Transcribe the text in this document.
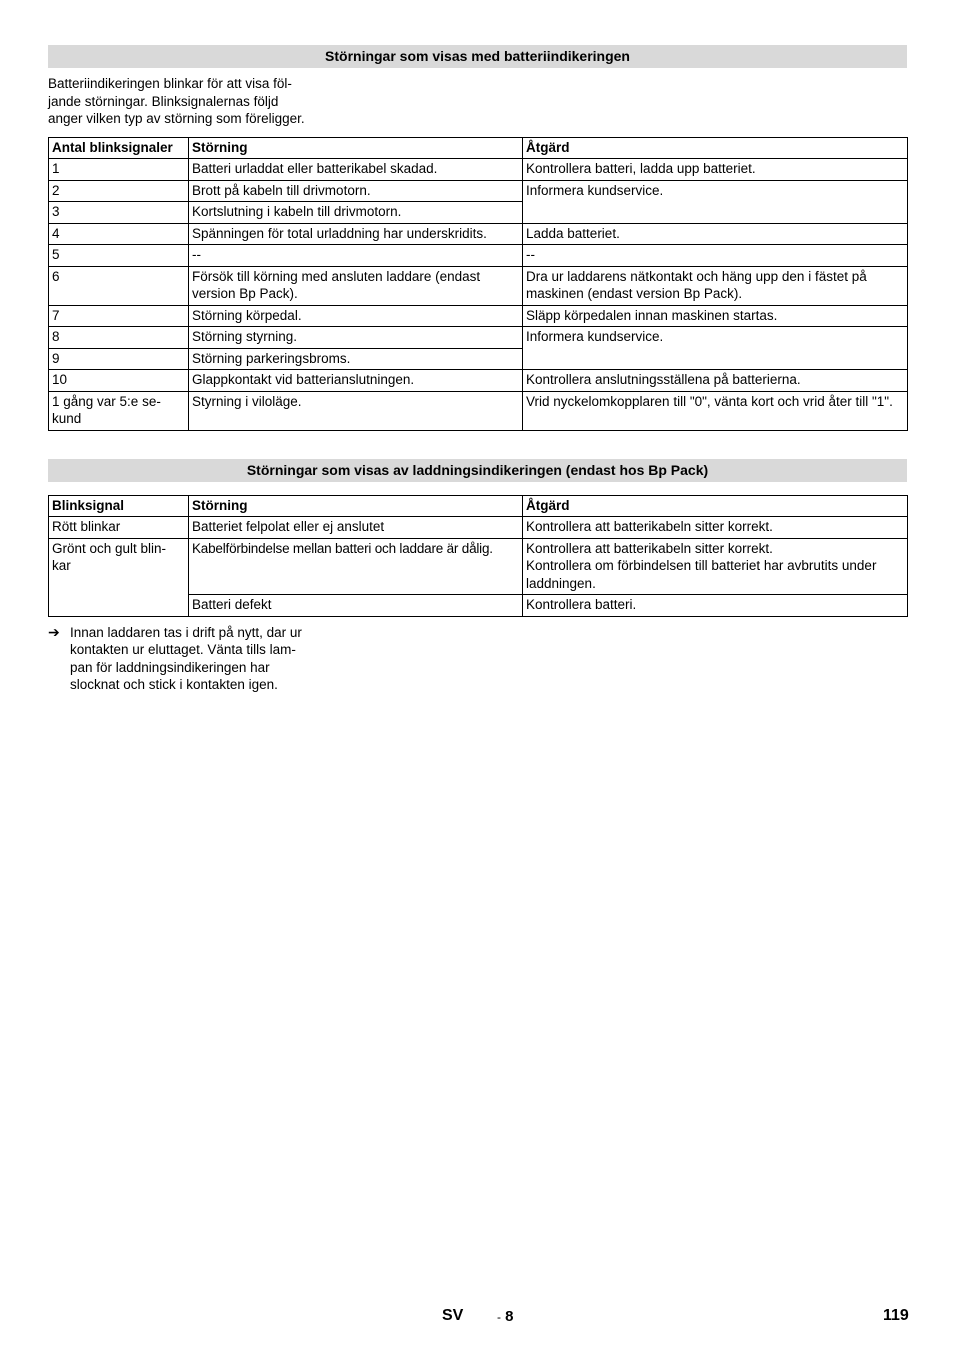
Störningar som visas med batteriindikeringen
Batteriindikeringen blinkar för att visa föl-
jande störningar. Blinksignalernas följd
anger vilken typ av störning som föreligger.
Antal blinksignaler	Störning	Åtgärd
1	Batteri urladdat eller batterikabel skadad.	Kontrollera batteri, ladda upp batteriet.
2	Brott på kabeln till drivmotorn.	Informera kundservice.
3	Kortslutning i kabeln till drivmotorn.	
4	Spänningen för total urladdning har underskridits.	Ladda batteriet.
5	--	--
6	Försök till körning med ansluten laddare (endast version Bp Pack).	Dra ur laddarens nätkontakt och häng upp den i fästet på maskinen (endast version Bp Pack).
7	Störning körpedal.	Släpp körpedalen innan maskinen startas.
8	Störning styrning.	Informera kundservice.
9	Störning parkeringsbroms.	
10	Glappkontakt vid batterianslutningen.	Kontrollera anslutningsställena på batterierna.
1 gång var 5:e se-
kund	Styrning i viloläge.	Vrid nyckelomkopplaren till "0", vänta kort och vrid åter till "1".
Störningar som visas av laddningsindikeringen (endast hos Bp Pack)
Blinksignal	Störning	Åtgärd
Rött blinkar	Batteriet felpolat eller ej anslutet	Kontrollera att batterikabeln sitter korrekt.
Grönt och gult blin-
kar	Kabelförbindelse mellan batteri och laddare är dålig.	Kontrollera att batterikabeln sitter korrekt.
Kontrollera om förbindelsen till batteriet har avbrutits under laddningen.
	Batteri defekt	Kontrollera batteri.
➔ Innan laddaren tas i drift på nytt, dar ur
kontakten ur eluttaget. Vänta tills lam-
pan för laddningsindikeringen har
slocknat och stick i kontakten igen.
SV	- 8	119
